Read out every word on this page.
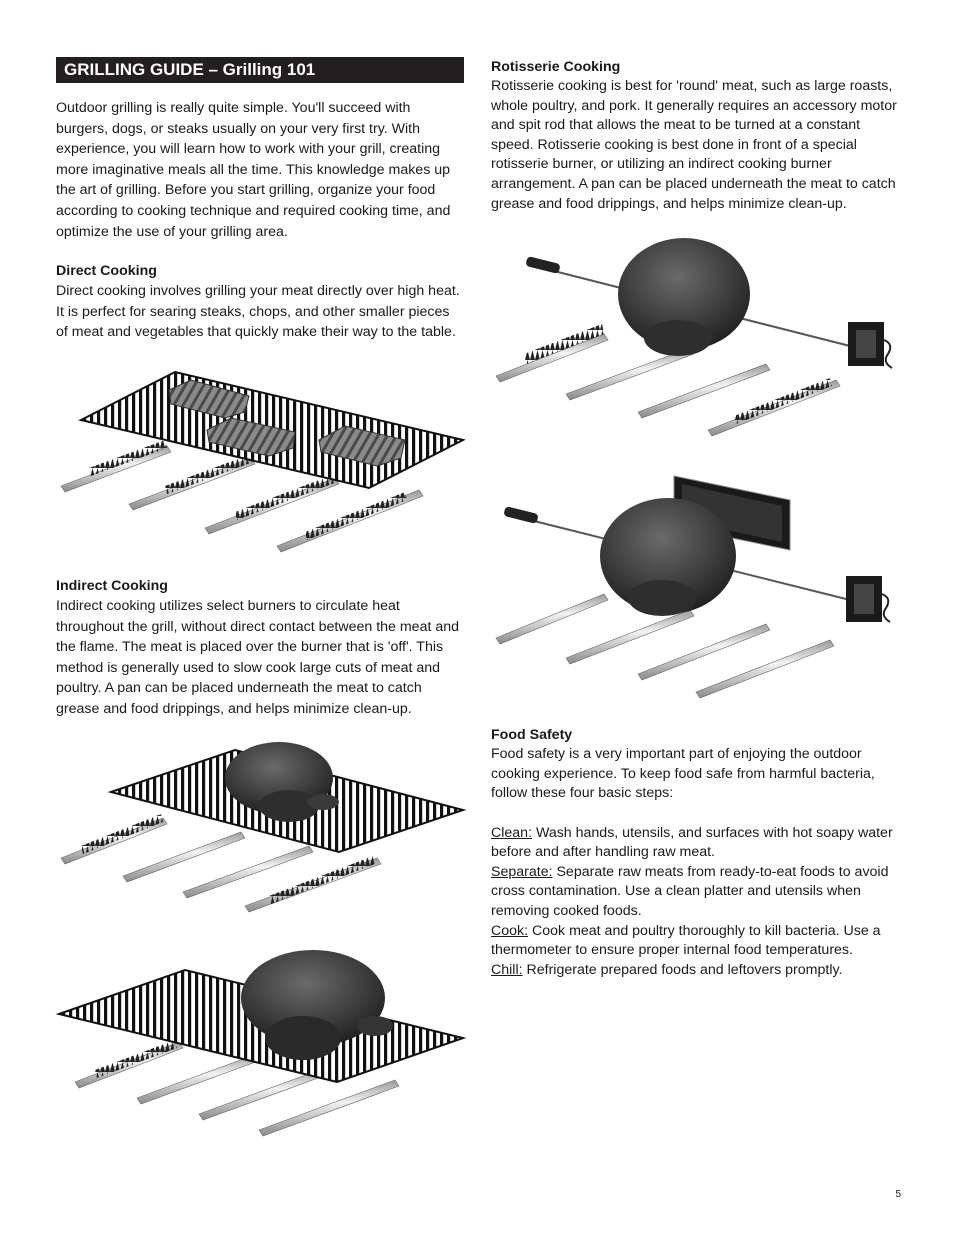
GRILLING GUIDE – Grilling 101

Outdoor grilling is really quite simple. You'll succeed with burgers, dogs, or steaks usually on your very first try. With experience, you will learn how to work with your grill, creating more imaginative meals all the time. This knowledge makes up the art of grilling. Before you start grilling, organize your food according to cooking technique and required cooking time, and optimize the use of your grilling area.

Direct Cooking

Direct cooking involves grilling your meat directly over high heat. It is perfect for searing steaks, chops, and other smaller pieces of meat and vegetables that quickly make their way to the table.

Indirect Cooking

Indirect cooking utilizes select burners to circulate heat throughout the grill, without direct contact between the meat and the flame. The meat is placed over the burner that is 'off'. This method is generally used to slow cook large cuts of meat and poultry. A pan can be placed underneath the meat to catch grease and food drippings, and helps minimize clean-up.

Rotisserie Cooking

Rotisserie cooking is best for 'round' meat, such as large roasts, whole poultry, and pork. It generally requires an accessory motor and spit rod that allows the meat to be turned at a constant speed. Rotisserie cooking is best done in front of a special rotisserie burner, or utilizing an indirect cooking burner arrangement. A pan can be placed underneath the meat to catch grease and food drippings, and helps minimize clean-up.

Food Safety

Food safety is a very important part of enjoying the outdoor cooking experience. To keep food safe from harmful bacteria, follow these four basic steps:

Clean: Wash hands, utensils, and surfaces with hot soapy water before and after handling raw meat.

Separate: Separate raw meats from ready-to-eat foods to avoid cross contamination. Use a clean platter and utensils when removing cooked foods.

Cook: Cook meat and poultry thoroughly to kill bacteria. Use a thermometer to ensure proper internal food temperatures.

Chill: Refrigerate prepared foods and leftovers promptly.

5
